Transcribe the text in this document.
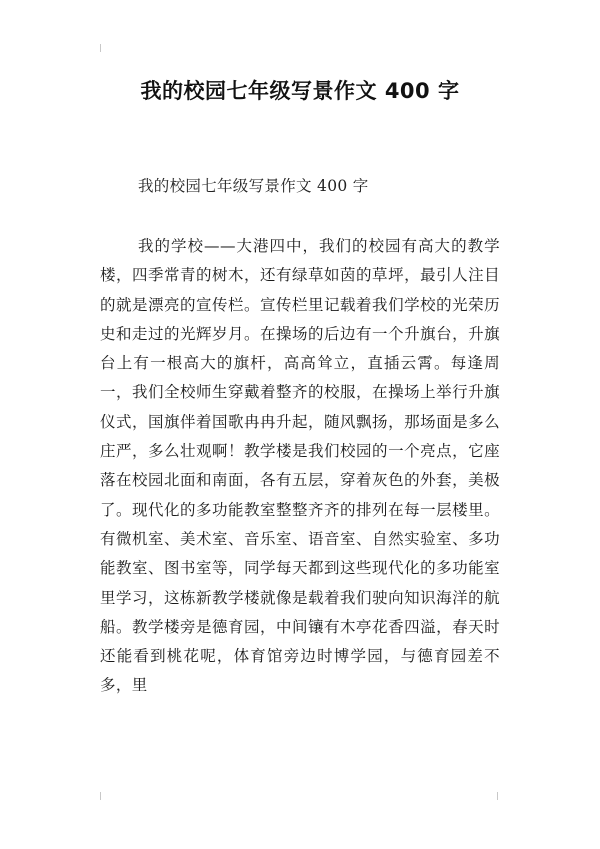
我的校园七年级写景作文 400 字
我的校园七年级写景作文 400 字

我的学校——大港四中，我们的校园有高大的教学楼，四季常青的树木，还有绿草如茵的草坪，最引人注目的就是漂亮的宣传栏。宣传栏里记载着我们学校的光荣历史和走过的光辉岁月。在操场的后边有一个升旗台，升旗台上有一根高大的旗杆，高高耸立，直插云霄。每逢周一，我们全校师生穿戴着整齐的校服，在操场上举行升旗仪式，国旗伴着国歌冉冉升起，随风飘扬，那场面是多么庄严，多么壮观啊！教学楼是我们校园的一个亮点，它座落在校园北面和南面，各有五层，穿着灰色的外套，美极了。现代化的多功能教室整整齐齐的排列在每一层楼里。有微机室、美术室、音乐室、语音室、自然实验室、多功能教室、图书室等，同学每天都到这些现代化的多功能室里学习，这栋新教学楼就像是载着我们驶向知识海洋的航船。教学楼旁是德育园，中间镶有木亭花香四溢，春天时还能看到桃花呢，体育馆旁边时博学园，与德育园差不多，里
